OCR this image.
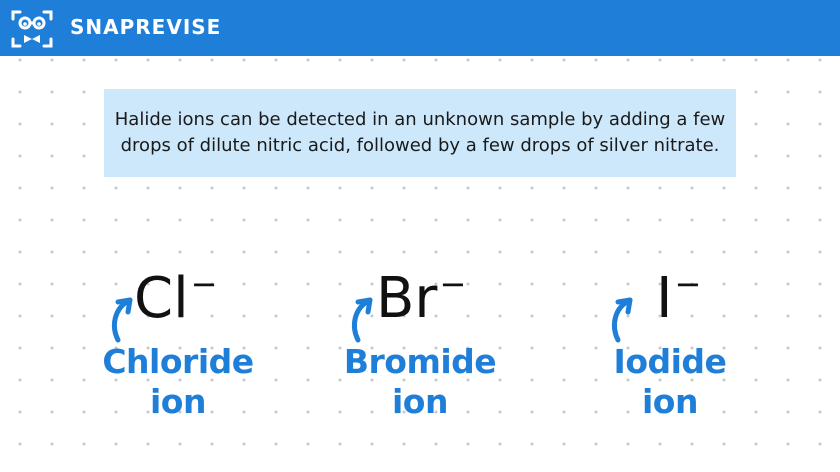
SNAPREVISE
Halide ions can be detected in an unknown sample by adding a few drops of dilute nitric acid, followed by a few drops of silver nitrate.
Cl−
Chloride
ion
Br−
Bromide
ion
I−
Iodide
ion
